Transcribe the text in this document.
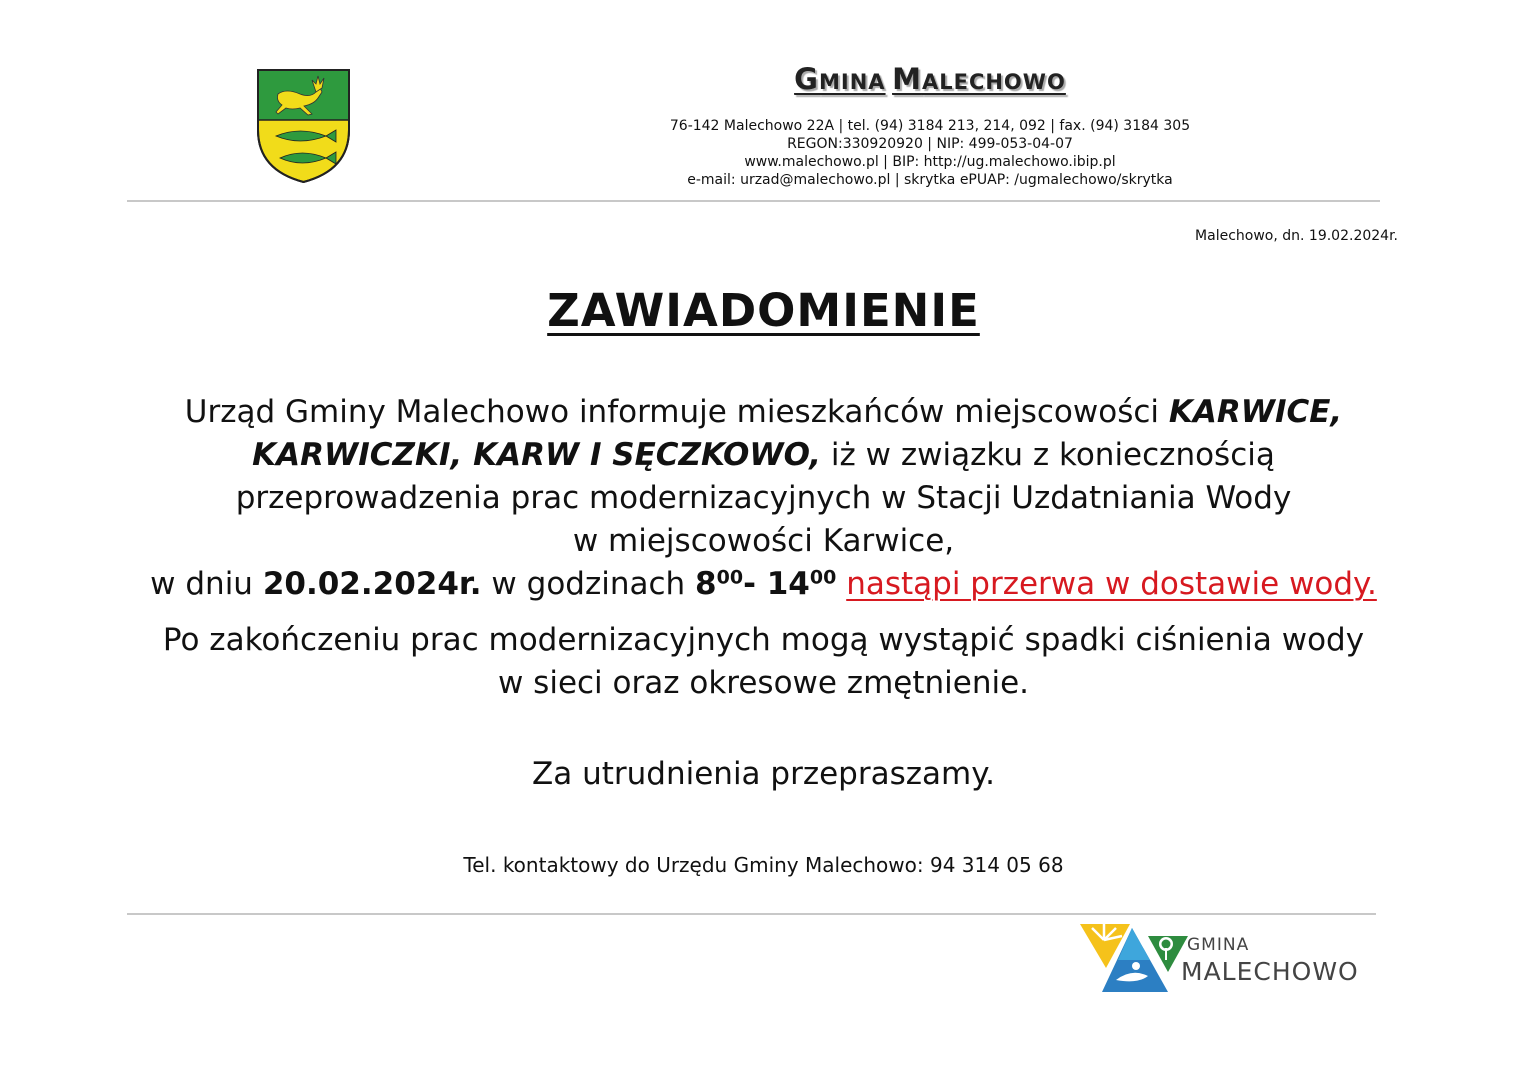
GMINA MALECHOWO
76-142 Malechowo 22A | tel. (94) 3184 213, 214, 092 | fax. (94) 3184 305
REGON:330920920 | NIP: 499-053-04-07
www.malechowo.pl | BIP: http://ug.malechowo.ibip.pl
e-mail: urzad@malechowo.pl | skrytka ePUAP: /ugmalechowo/skrytka
Malechowo, dn. 19.02.2024r.
ZAWIADOMIENIE

Urząd Gminy Malechowo informuje mieszkańców miejscowości KARWICE,
KARWICZKI, KARW I SĘCZKOWO, iż w związku z koniecznością
przeprowadzenia prac modernizacyjnych w Stacji Uzdatniania Wody
w miejscowości Karwice,
w dniu 20.02.2024r. w godzinach $8^{00}-$ $14^{00}$ nastąpi przerwa w dostawie wody.

Po zakończeniu prac modernizacyjnych mogą wystąpić spadki ciśnienia wody
w sieci oraz okresowe zmętnienie.

Za utrudnienia przepraszamy.

Tel. kontaktowy do Urzędu Gminy Malechowo: 94 314 05 68
GMINA
MALECHOWO
